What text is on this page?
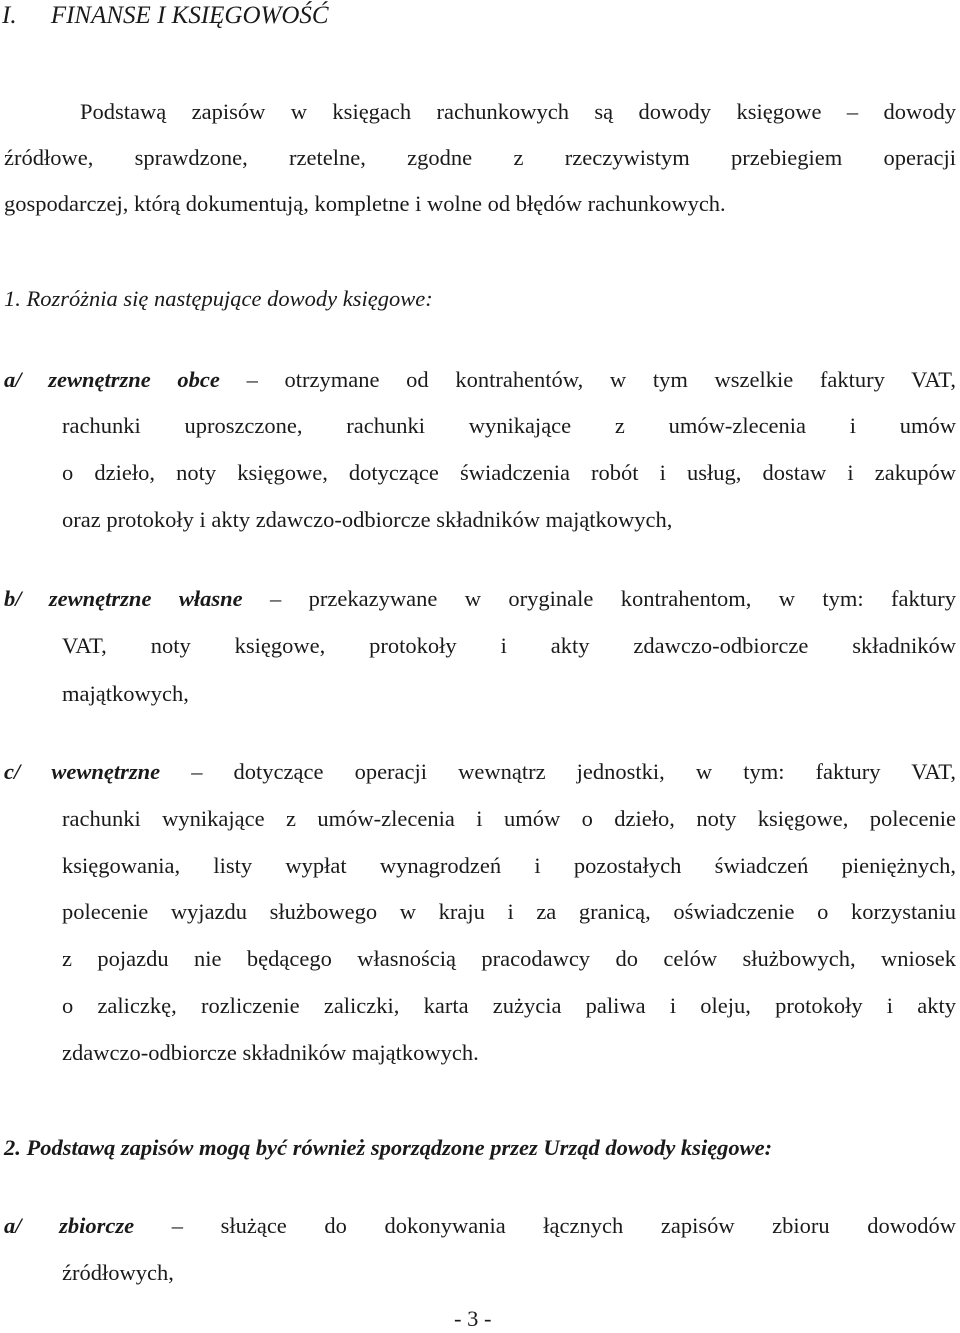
I. FINANSE I KSIĘGOWOŚĆ
Podstawą zapisów w księgach rachunkowych są dowody księgowe – dowody
źródłowe, sprawdzone, rzetelne, zgodne z rzeczywistym przebiegiem operacji
gospodarczej, którą dokumentują, kompletne i wolne od błędów rachunkowych.
1. Rozróżnia się następujące dowody księgowe:
a/ zewnętrzne obce – otrzymane od kontrahentów, w tym wszelkie faktury VAT,
rachunki uproszczone, rachunki wynikające z umów-zlecenia i umów
o dzieło, noty księgowe, dotyczące świadczenia robót i usług, dostaw i zakupów
oraz protokoły i akty zdawczo-odbiorcze składników majątkowych,
b/ zewnętrzne własne – przekazywane w oryginale kontrahentom, w tym: faktury
VAT, noty księgowe, protokoły i akty zdawczo-odbiorcze składników
majątkowych,
c/ wewnętrzne – dotyczące operacji wewnątrz jednostki, w tym: faktury VAT,
rachunki wynikające z umów-zlecenia i umów o dzieło, noty księgowe, polecenie
księgowania, listy wypłat wynagrodzeń i pozostałych świadczeń pieniężnych,
polecenie wyjazdu służbowego w kraju i za granicą, oświadczenie o korzystaniu
z pojazdu nie będącego własnością pracodawcy do celów służbowych, wniosek
o zaliczkę, rozliczenie zaliczki, karta zużycia paliwa i oleju, protokoły i akty
zdawczo-odbiorcze składników majątkowych.
2. Podstawą zapisów mogą być również sporządzone przez Urząd dowody księgowe:
a/ zbiorcze – służące do dokonywania łącznych zapisów zbioru dowodów
źródłowych,
- 3 -
